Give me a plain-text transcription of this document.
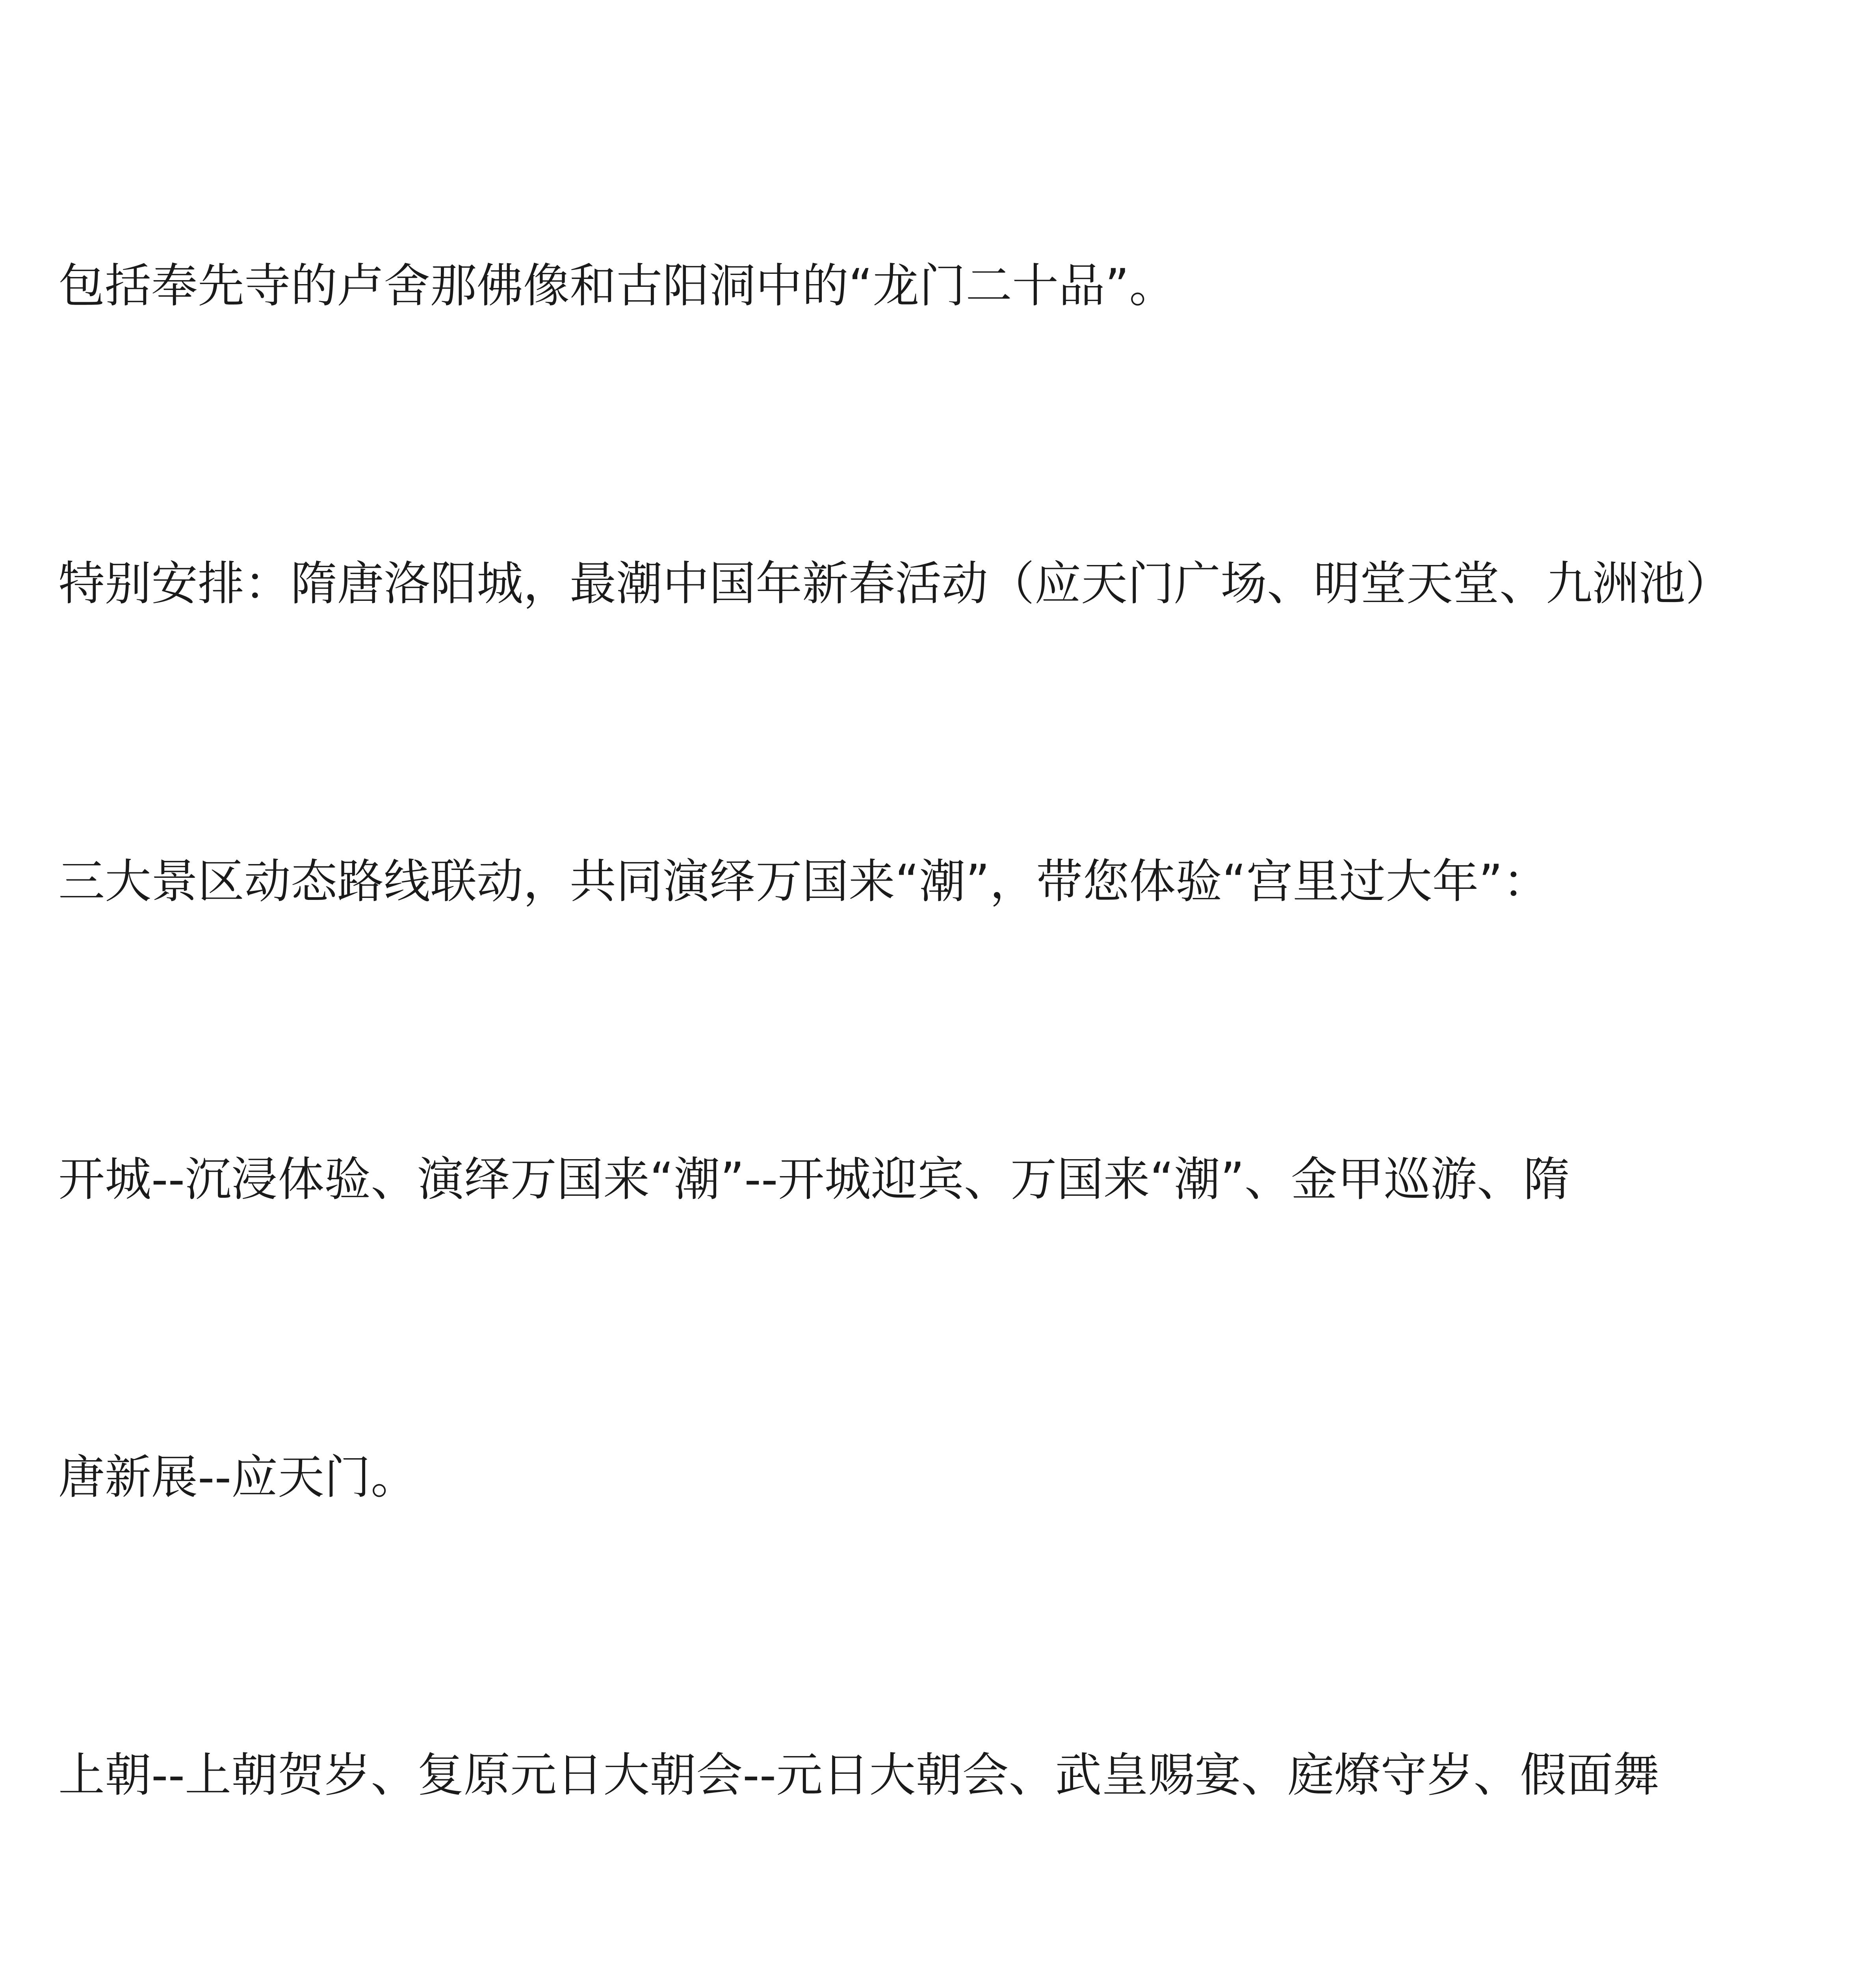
包括奉先寺的卢舍那佛像和古阳洞中的“龙门二十品”。

特别安排：隋唐洛阳城，最潮中国年新春活动（应天门广场、明堂天堂、九洲池）

三大景区动态路线联动，共同演绎万国来“潮”，带您体验“宫里过大年”：

开城--沉浸体验、演绎万国来“潮”--开城迎宾、万国来“潮”、金甲巡游、隋

唐新展--应天门。

上朝--上朝贺岁、复原元日大朝会--元日大朝会、武皇赐宴、庭燎守岁、假面舞
